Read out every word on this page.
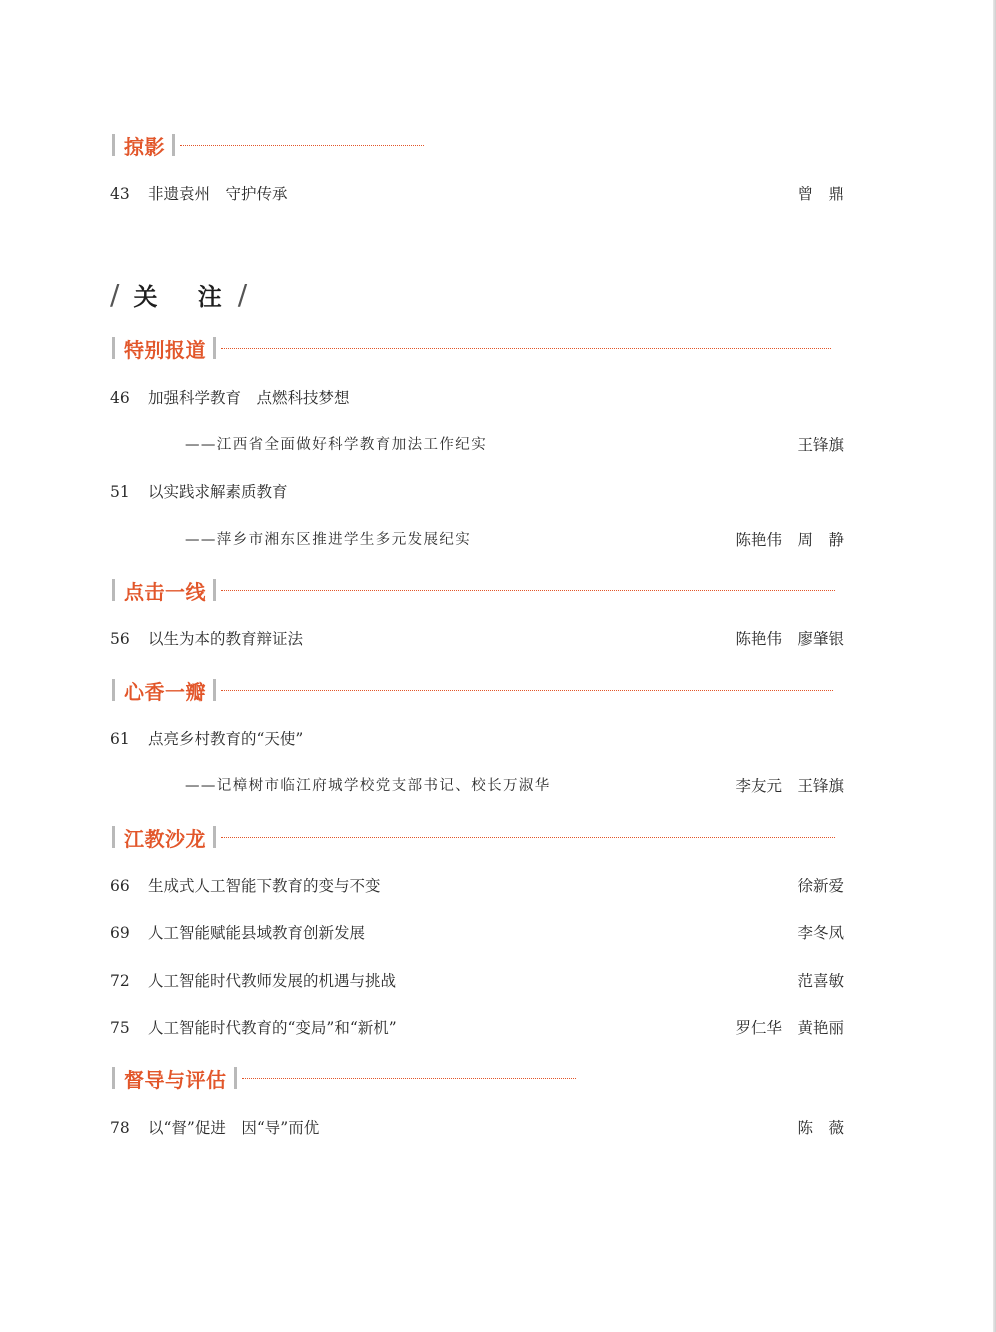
掠影
43 非遗袁州　守护传承	曾　鼎
/ 关 注 /
特别报道
46 加强科学教育　点燃科技梦想
——江西省全面做好科学教育加法工作纪实	王锋旗
51 以实践求解素质教育
——萍乡市湘东区推进学生多元发展纪实	陈艳伟　周　静
点击一线
56 以生为本的教育辩证法	陈艳伟　廖肇银
心香一瓣
61 点亮乡村教育的“天使”
——记樟树市临江府城学校党支部书记、校长万淑华	李友元　王锋旗
江教沙龙
66 生成式人工智能下教育的变与不变	徐新爱
69 人工智能赋能县域教育创新发展	李冬凤
72 人工智能时代教师发展的机遇与挑战	范喜敏
75 人工智能时代教育的“变局”和“新机”	罗仁华　黄艳丽
督导与评估
78 以“督”促进　因“导”而优	陈　薇
